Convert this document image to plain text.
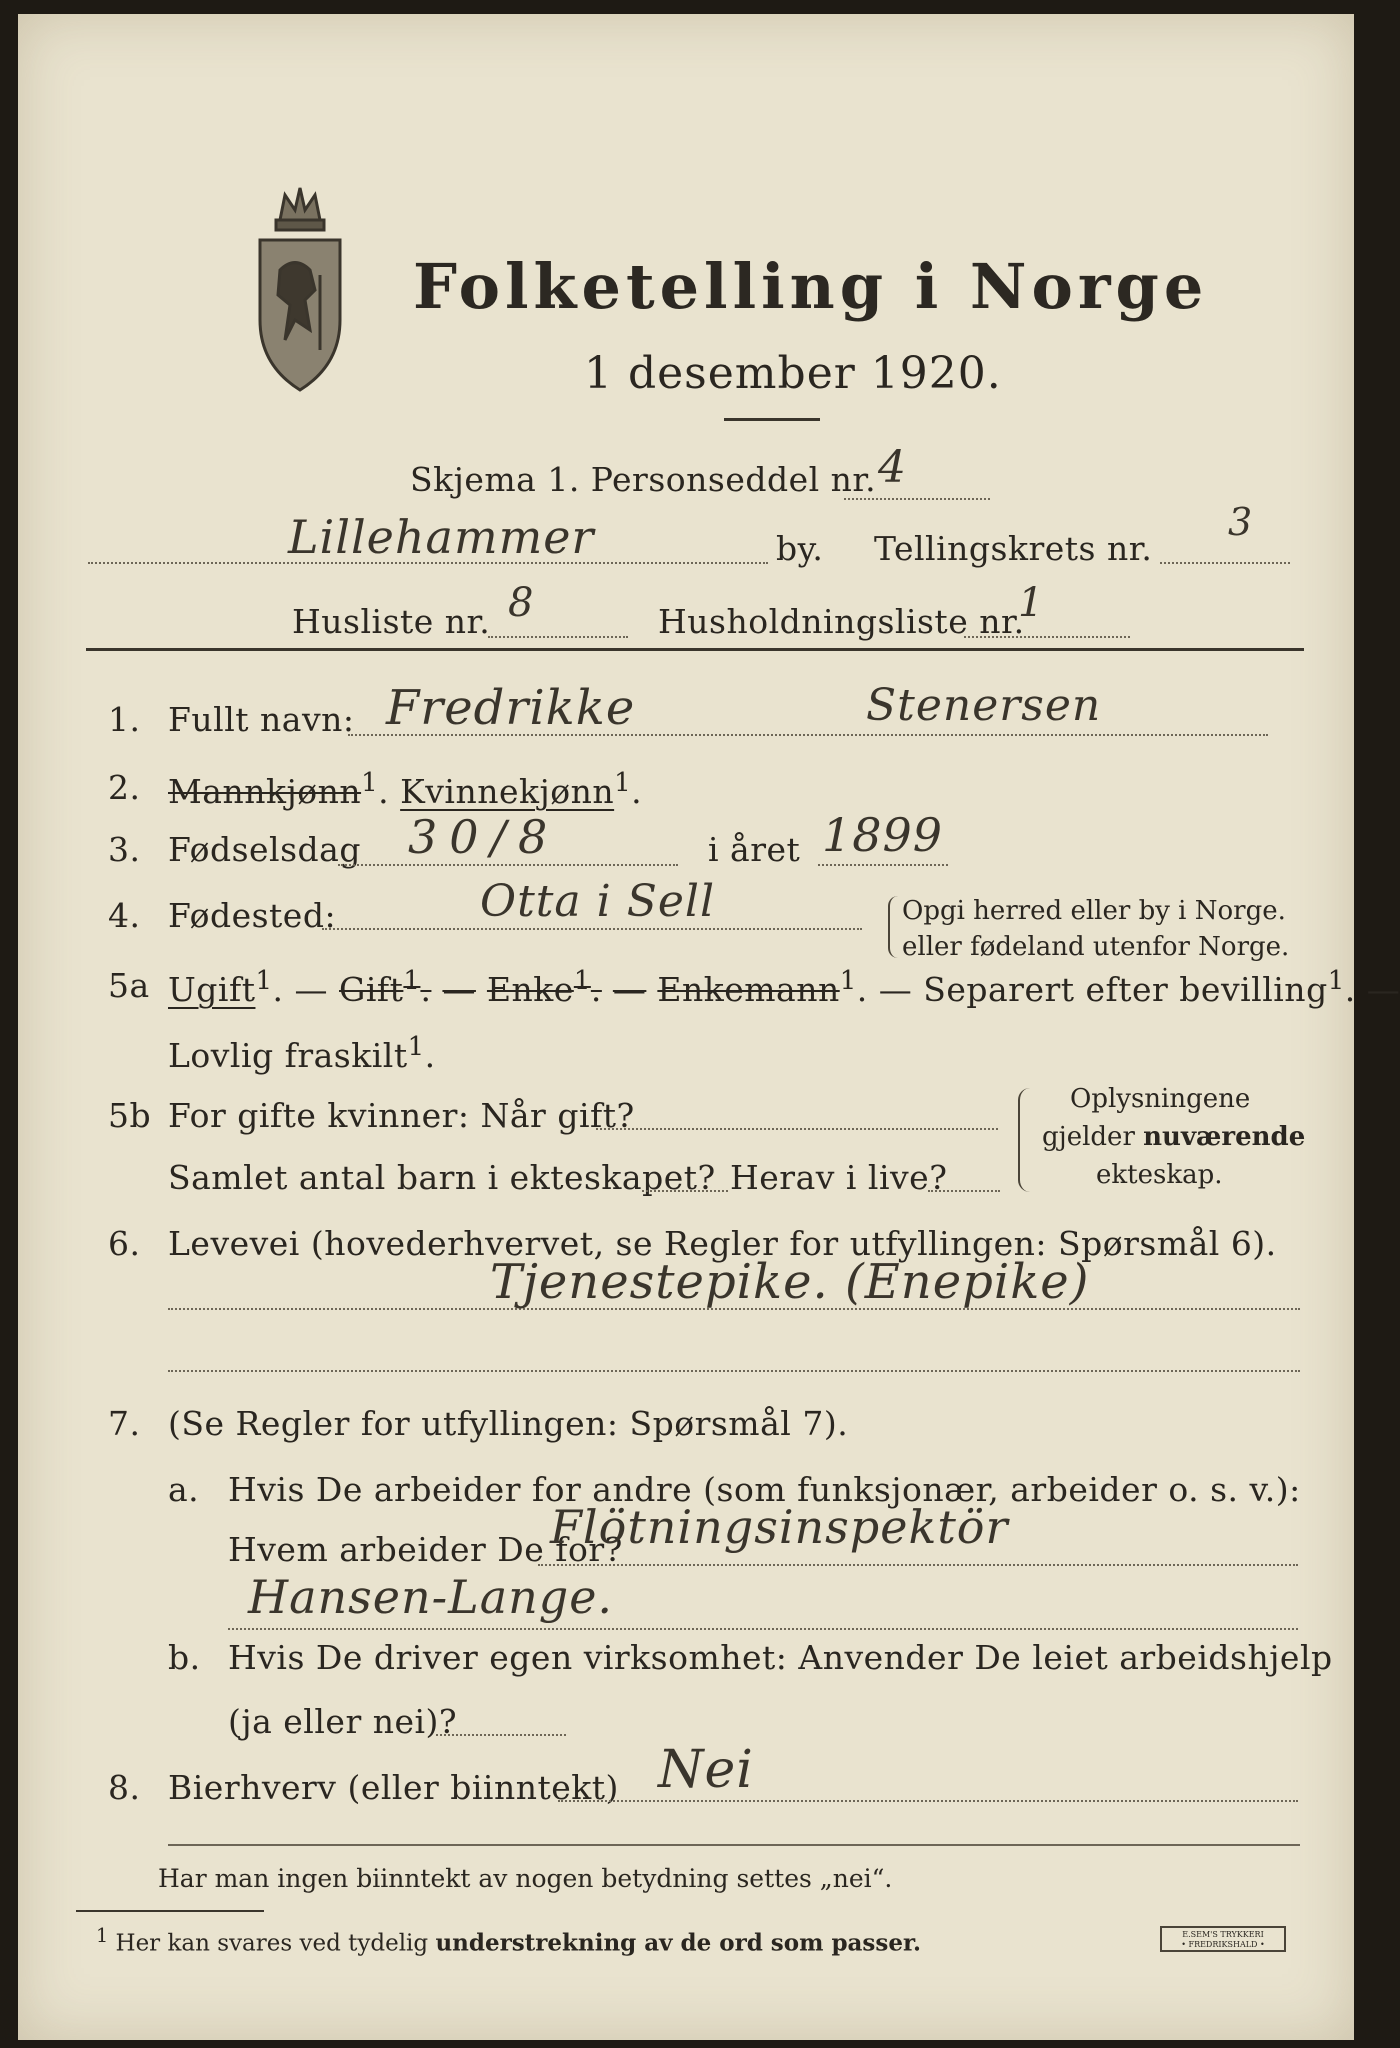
Folketelling i Norge
1 desember 1920.
Skjema 1. Personseddel nr. 4
Lillehammer	by. Tellingskrets nr.
3
Husliste nr. 8	Husholdningsliste nr.
1
1. Fullt navn: Fredrikke	Stenersen
2. Mannkjønn$^1$. Kvinnekjønn$^1$.
3. Fødselsdag 30/8	i året 1899
4. Fødested:	Otta i Sell	Opgi herred eller by i Norge.
eller fødeland utenfor Norge.
5a Ugift$^1$. — Gift$^1$. — Enke$^1$. — Enkemann$^1$. — Separert efter bevilling$^1$. —
Lovlig fraskilt$^1$.
5b For gifte kvinner: Når gift?
Samlet antal barn i ekteskapet? Herav i live?
Oplysningene
gjelder nuværende
ekteskap.
6. Levevei (hovederhvervet, se Regler for utfyllingen: Spørsmål 6).
Tjenestepike. (Enepike)
7. (Se Regler for utfyllingen: Spørsmål 7).
a. Hvis De arbeider for andre (som funksjonær, arbeider o. s. v.):
Hvem arbeider De for?
Flötningsinspektör
Hansen-Lange.
b. Hvis De driver egen virksomhet: Anvender De leiet arbeidshjelp
(ja eller nei)?
8. Bierhverv (eller biinntekt) Nei
Har man ingen biinntekt av nogen betydning settes „nei“.
$^1$ Her kan svares ved tydelig understrekning av de ord som passer.	E.SEM'S TRYKKERI
• FREDRIKSHALD •
